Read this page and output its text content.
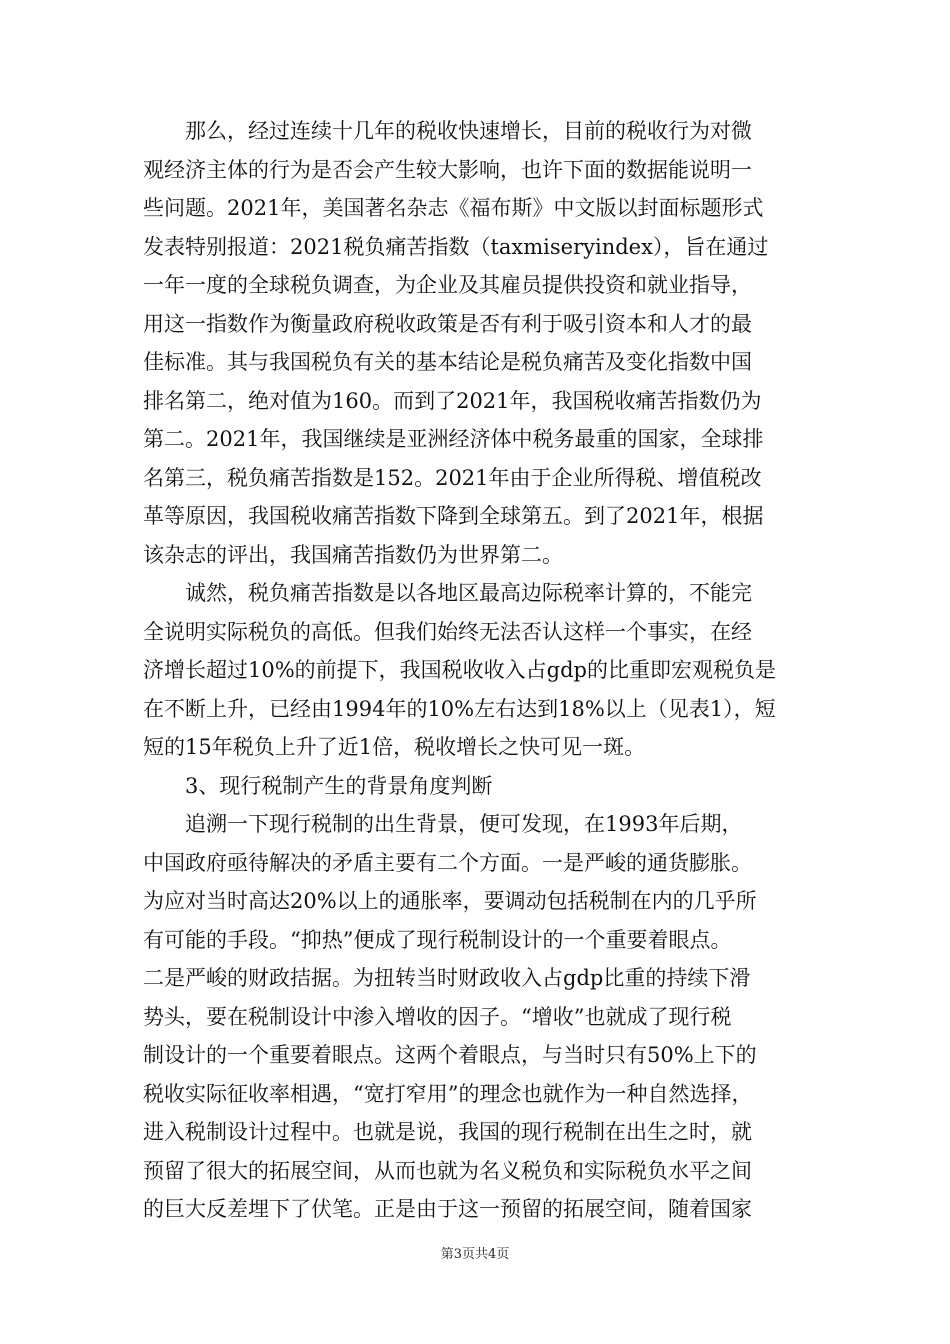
那么，经过连续十几年的税收快速增长，目前的税收行为对微
观经济主体的行为是否会产生较大影响，也许下面的数据能说明一
些问题。2021年，美国著名杂志《福布斯》中文版以封面标题形式
发表特别报道：2021税负痛苦指数（taxmiseryindex），旨在通过
一年一度的全球税负调查，为企业及其雇员提供投资和就业指导，
用这一指数作为衡量政府税收政策是否有利于吸引资本和人才的最
佳标准。其与我国税负有关的基本结论是税负痛苦及变化指数中国
排名第二，绝对值为160。而到了2021年，我国税收痛苦指数仍为
第二。2021年，我国继续是亚洲经济体中税务最重的国家，全球排
名第三，税负痛苦指数是152。2021年由于企业所得税、增值税改
革等原因，我国税收痛苦指数下降到全球第五。到了2021年，根据
该杂志的评出，我国痛苦指数仍为世界第二。
诚然，税负痛苦指数是以各地区最高边际税率计算的，不能完
全说明实际税负的高低。但我们始终无法否认这样一个事实，在经
济增长超过10%的前提下，我国税收收入占gdp的比重即宏观税负是
在不断上升，已经由1994年的10%左右达到18%以上（见表1），短
短的15年税负上升了近1倍，税收增长之快可见一斑。
3、现行税制产生的背景角度判断
追溯一下现行税制的出生背景，便可发现，在1993年后期，
中国政府亟待解决的矛盾主要有二个方面。一是严峻的通货膨胀。
为应对当时高达20%以上的通胀率，要调动包括税制在内的几乎所
有可能的手段。“抑热”便成了现行税制设计的一个重要着眼点。
二是严峻的财政拮据。为扭转当时财政收入占gdp比重的持续下滑
势头，要在税制设计中渗入增收的因子。“增收”也就成了现行税
制设计的一个重要着眼点。这两个着眼点，与当时只有50%上下的
税收实际征收率相遇，“宽打窄用”的理念也就作为一种自然选择，
进入税制设计过程中。也就是说，我国的现行税制在出生之时，就
预留了很大的拓展空间，从而也就为名义税负和实际税负水平之间
的巨大反差埋下了伏笔。正是由于这一预留的拓展空间，随着国家
第3页共4页
